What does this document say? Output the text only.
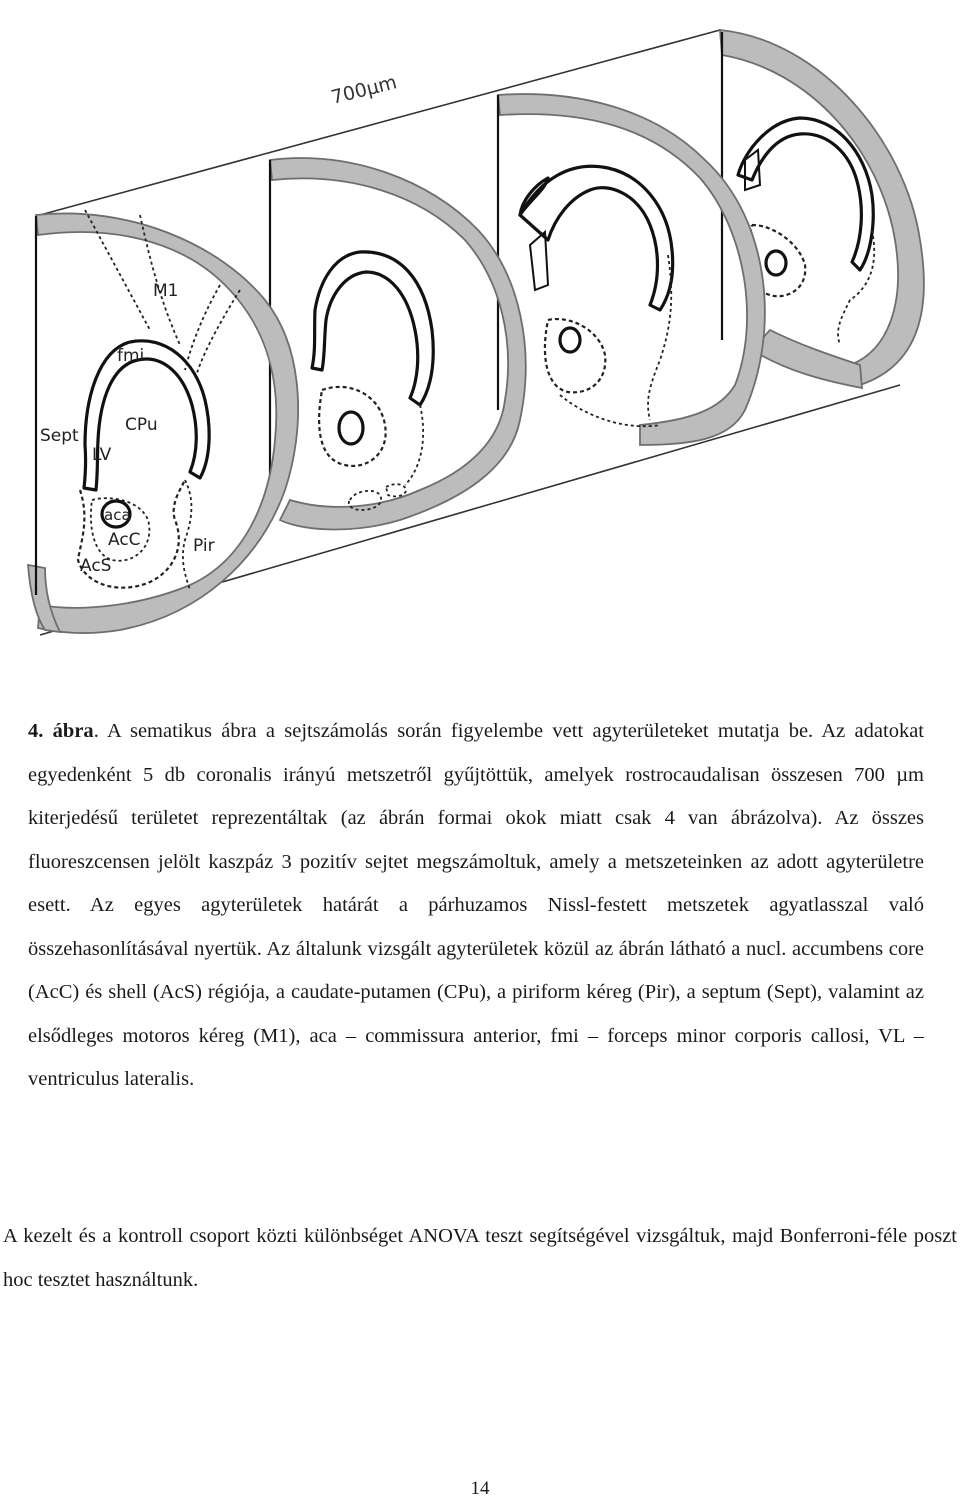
M1
fmi
Sept
CPu
LV
aca
AcC
AcS
Pir
700µm
4. ábra. A sematikus ábra a sejtszámolás során figyelembe vett agyterületeket mutatja be. Az adatokat egyedenként 5 db coronalis irányú metszetről gyűjtöttük, amelyek rostrocaudalisan összesen 700 µm kiterjedésű területet reprezentáltak (az ábrán formai okok miatt csak 4 van ábrázolva). Az összes fluoreszcensen jelölt kaszpáz 3 pozitív sejtet megszámoltuk, amely a metszeteinken az adott agyterületre esett. Az egyes agyterületek határát a párhuzamos Nissl-festett metszetek agyatlasszal való összehasonlításával nyertük. Az általunk vizsgált agyterületek közül az ábrán látható a nucl. accumbens core (AcC) és shell (AcS) régiója, a caudate-putamen (CPu), a piriform kéreg (Pir), a septum (Sept), valamint az elsődleges motoros kéreg (M1), aca – commissura anterior, fmi – forceps minor corporis callosi, VL – ventriculus lateralis.
A kezelt és a kontroll csoport közti különbséget ANOVA teszt segítségével vizsgáltuk, majd Bonferroni-féle poszt hoc tesztet használtunk.
14
